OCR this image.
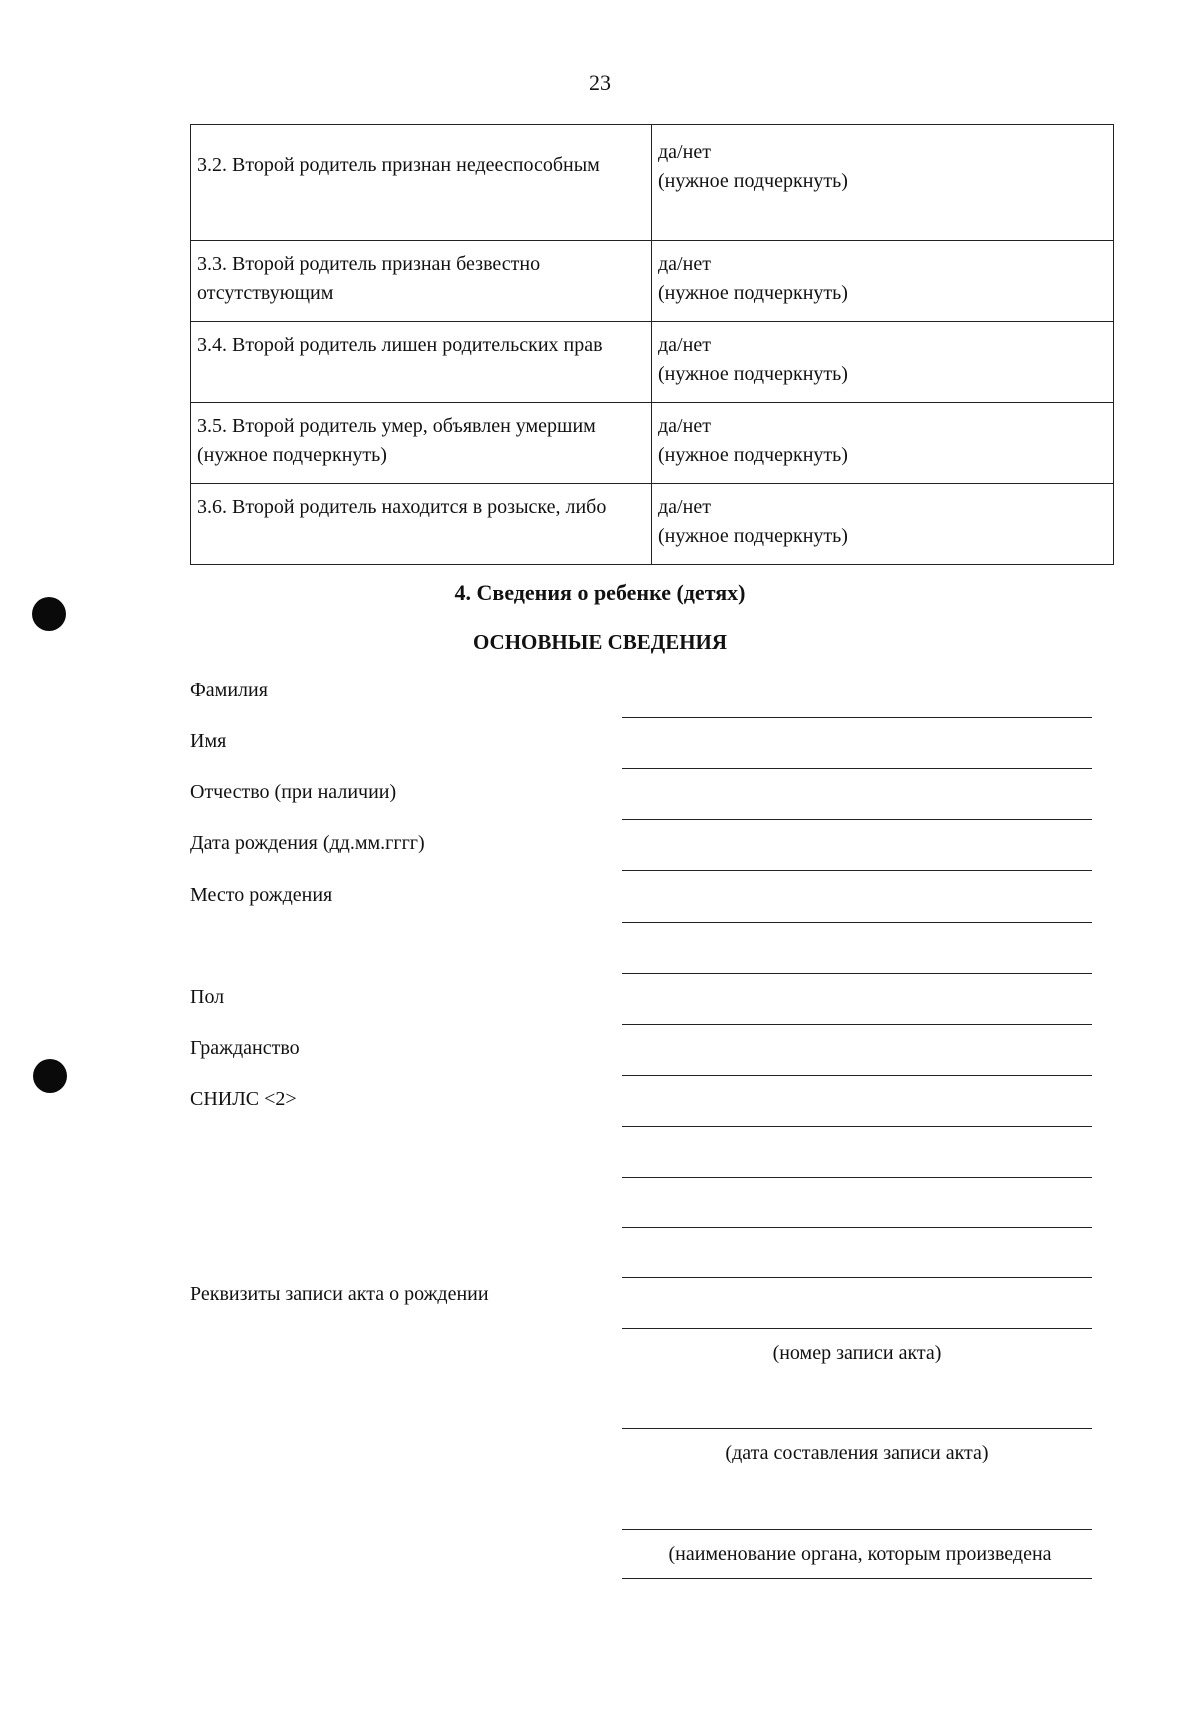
23
3.2. Второй родитель признан недееспособным	да/нет
(нужное подчеркнуть)

3.3. Второй родитель признан безвестно отсутствующим	да/нет
(нужное подчеркнуть)

3.4. Второй родитель лишен родительских прав	да/нет
(нужное подчеркнуть)

3.5. Второй родитель умер, объявлен умершим (нужное подчеркнуть)	да/нет
(нужное подчеркнуть)

3.6. Второй родитель находится в розыске, либо	да/нет
(нужное подчеркнуть)
4. Сведения о ребенке (детях)
ОСНОВНЫЕ СВЕДЕНИЯ
Фамилия
Имя
Отчество (при наличии)
Дата рождения (дд.мм.гггг)
Место рождения
Пол
Гражданство
СНИЛС <2>
Реквизиты записи акта о рождении
(номер записи акта)
(дата составления записи акта)
(наименование органа, которым произведена
